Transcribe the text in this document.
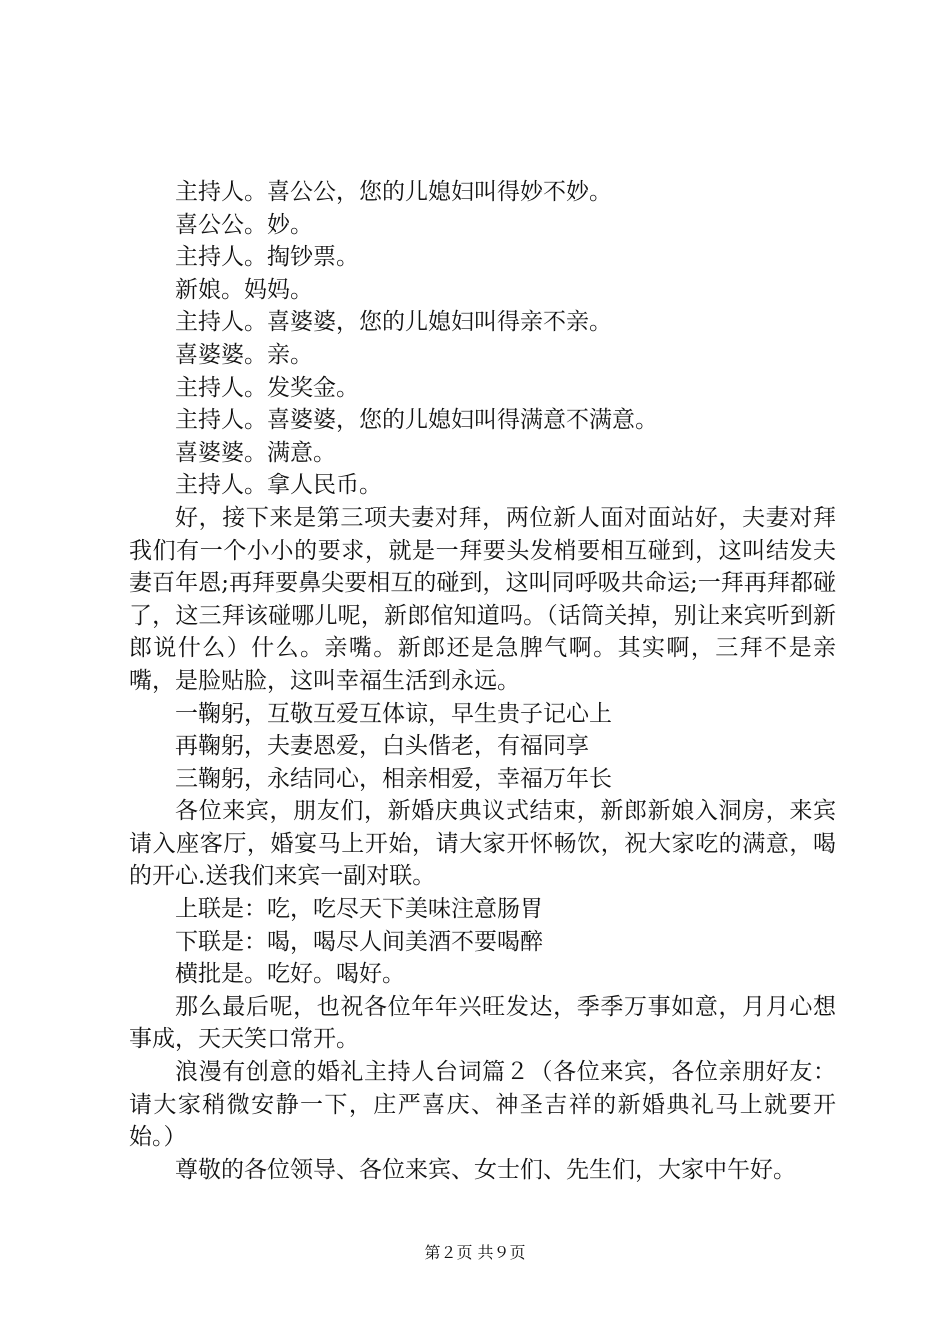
主持人。喜公公，您的儿媳妇叫得妙不妙。

喜公公。妙。

主持人。掏钞票。

新娘。妈妈。

主持人。喜婆婆，您的儿媳妇叫得亲不亲。

喜婆婆。亲。

主持人。发奖金。

主持人。喜婆婆，您的儿媳妇叫得满意不满意。

喜婆婆。满意。

主持人。拿人民币。

好，接下来是第三项夫妻对拜，两位新人面对面站好，夫妻对拜我们有一个小小的要求，就是一拜要头发梢要相互碰到，这叫结发夫妻百年恩;再拜要鼻尖要相互的碰到，这叫同呼吸共命运;一拜再拜都碰了，这三拜该碰哪儿呢，新郎倌知道吗。（话筒关掉，别让来宾听到新郎说什么）什么。亲嘴。新郎还是急脾气啊。其实啊，三拜不是亲嘴，是脸贴脸，这叫幸福生活到永远。

一鞠躬，互敬互爱互体谅，早生贵子记心上

再鞠躬，夫妻恩爱，白头偕老，有福同享

三鞠躬，永结同心，相亲相爱，幸福万年长

各位来宾，朋友们，新婚庆典议式结束，新郎新娘入洞房，来宾请入座客厅，婚宴马上开始，请大家开怀畅饮，祝大家吃的满意，喝的开心.送我们来宾一副对联。

上联是：吃，吃尽天下美味注意肠胃

下联是：喝，喝尽人间美酒不要喝醉

横批是。吃好。喝好。

那么最后呢，也祝各位年年兴旺发达，季季万事如意，月月心想事成，天天笑口常开。

浪漫有创意的婚礼主持人台词篇２（各位来宾，各位亲朋好友：请大家稍微安静一下，庄严喜庆、神圣吉祥的新婚典礼马上就要开始。）

尊敬的各位领导、各位来宾、女士们、先生们，大家中午好。

第２页 共９页
